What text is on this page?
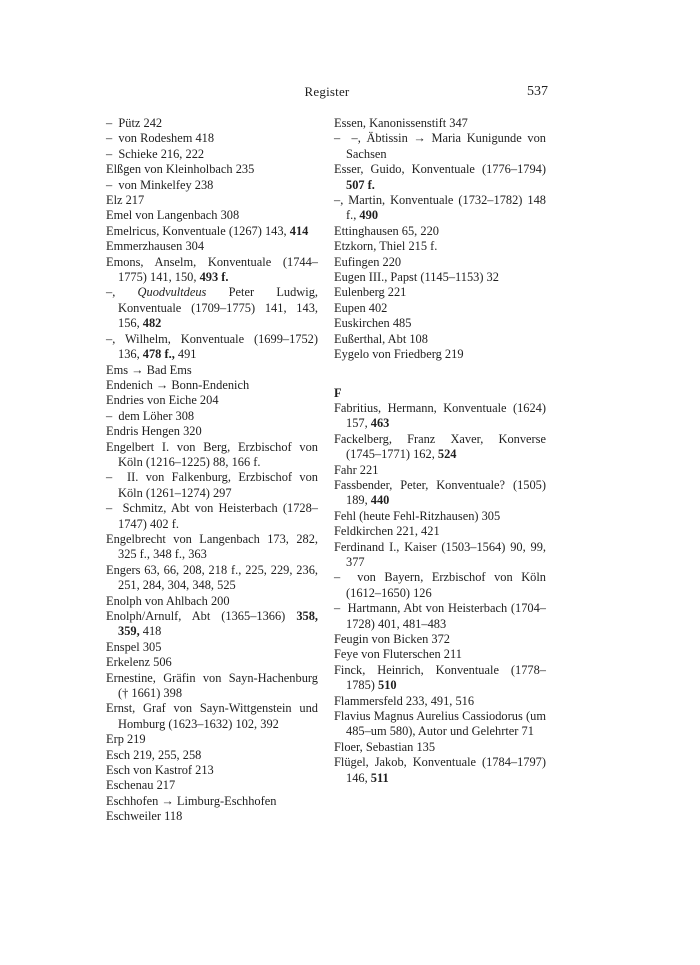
Register	537
–  Pütz 242
–  von Rodeshem 418
–  Schieke 216, 222
Elßgen von Kleinholbach 235
–  von Minkelfey 238
Elz 217
Emel von Langenbach 308
Emelricus, Konventuale (1267) 143, 414
Emmerzhausen 304
Emons, Anselm, Konventuale (1744–1775) 141, 150, 493 f.
–, Quodvultdeus Peter Ludwig, Konventuale (1709–1775) 141, 143, 156, 482
–, Wilhelm, Konventuale (1699–1752) 136, 478 f., 491
Ems → Bad Ems
Endenich → Bonn-Endenich
Endries von Eiche 204
–  dem Löher 308
Endris Hengen 320
Engelbert I. von Berg, Erzbischof von Köln (1216–1225) 88, 166 f.
–  II. von Falkenburg, Erzbischof von Köln (1261–1274) 297
–  Schmitz, Abt von Heisterbach (1728–1747) 402 f.
Engelbrecht von Langenbach 173, 282, 325 f., 348 f., 363
Engers 63, 66, 208, 218 f., 225, 229, 236, 251, 284, 304, 348, 525
Enolph von Ahlbach 200
Enolph/Arnulf, Abt (1365–1366) 358, 359, 418
Enspel 305
Erkelenz 506
Ernestine, Gräfin von Sayn-Hachenburg († 1661) 398
Ernst, Graf von Sayn-Wittgenstein und Homburg (1623–1632) 102, 392
Erp 219
Esch 219, 255, 258
Esch von Kastrof 213
Eschenau 217
Eschhofen → Limburg-Eschhofen
Eschweiler 118
Essen, Kanonissenstift 347
–  –, Äbtissin → Maria Kunigunde von Sachsen
Esser, Guido, Konventuale (1776–1794) 507 f.
–, Martin, Konventuale (1732–1782) 148 f., 490
Ettinghausen 65, 220
Etzkorn, Thiel 215 f.
Eufingen 220
Eugen III., Papst (1145–1153) 32
Eulenberg 221
Eupen 402
Euskirchen 485
Eußerthal, Abt 108
Eygelo von Friedberg 219
F
Fabritius, Hermann, Konventuale (1624) 157, 463
Fackelberg, Franz Xaver, Konverse (1745–1771) 162, 524
Fahr 221
Fassbender, Peter, Konventuale? (1505) 189, 440
Fehl (heute Fehl-Ritzhausen) 305
Feldkirchen 221, 421
Ferdinand I., Kaiser (1503–1564) 90, 99, 377
–  von Bayern, Erzbischof von Köln (1612–1650) 126
–  Hartmann, Abt von Heisterbach (1704–1728) 401, 481–483
Feugin von Bicken 372
Feye von Fluterschen 211
Finck, Heinrich, Konventuale (1778–1785) 510
Flammersfeld 233, 491, 516
Flavius Magnus Aurelius Cassiodorus (um 485–um 580), Autor und Gelehrter 71
Floer, Sebastian 135
Flügel, Jakob, Konventuale (1784–1797) 146, 511
